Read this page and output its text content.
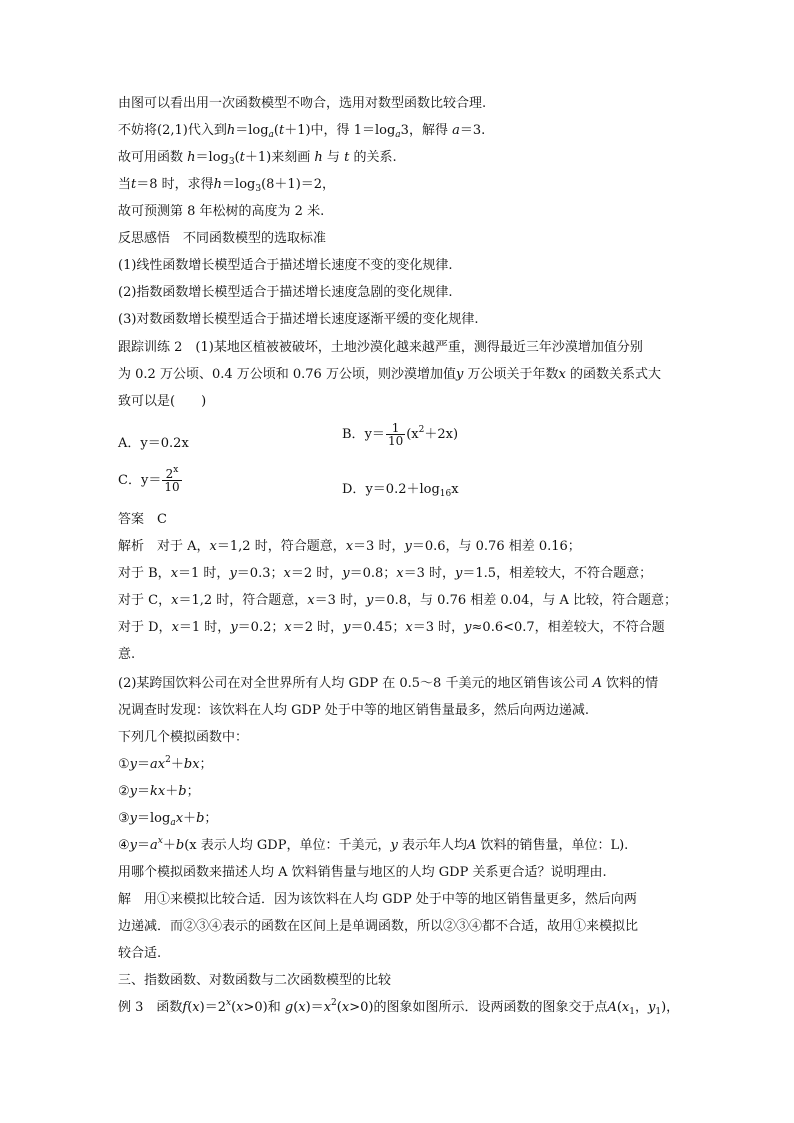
由图可以看出用一次函数模型不吻合，选用对数型函数比较合理.
不妨将(2,1)代入到$h=\log_a(t+1)$中，得 $1=\log_a3$，解得 a＝3.
故可用函数 $h=\log_3(t+1)$来刻画 h 与 t 的关系.
当t＝8 时，求得$h=\log_3(8+1)=2$，
故可预测第 8 年松树的高度为 2 米.
反思感悟　不同函数模型的选取标准
(1)线性函数增长模型适合于描述增长速度不变的变化规律.
(2)指数函数增长模型适合于描述增长速度急剧的变化规律.
(3)对数函数增长模型适合于描述增长速度逐渐平缓的变化规律.
跟踪训练 2　(1)某地区植被被破坏，土地沙漠化越来越严重，测得最近三年沙漠增加值分别
为 0.2 万公顷、0.4 万公顷和 0.76 万公顷，则沙漠增加值y 万公顷关于年数x 的函数关系式大
致可以是(　　)
A．y＝0.2x
B．$y= \frac{1}{10} (x^2+2x)$
C．$y= \frac{2^x}{10}$	D．$y=0.2+\log_{16}x$
答案　C
解析　对于 A，x＝1,2 时，符合题意，x＝3 时，y＝0.6，与 0.76 相差 0.16；
对于 B，x＝1 时，y＝0.3；x＝2 时，y＝0.8；x＝3 时，y＝1.5，相差较大，不符合题意；
对于 C，x＝1,2 时，符合题意，x＝3 时，y＝0.8，与 0.76 相差 0.04，与 A 比较，符合题意；
对于 D，x＝1 时，y＝0.2；x＝2 时，y＝0.45；x＝3 时，y≈0.6<0.7，相差较大，不符合题
意.
(2)某跨国饮料公司在对全世界所有人均 GDP 在 0.5～8 千美元的地区销售该公司 A 饮料的情
况调查时发现：该饮料在人均 GDP 处于中等的地区销售量最多，然后向两边递减.
下列几个模拟函数中：
$①y=ax^2+bx$；
②y＝kx＋b；
$③y=\log_ax+b$；
$④y=a^x+b(x$ 表示人均 GDP，单位：千美元，y 表示年人均A 饮料的销售量，单位：L).
用哪个模拟函数来描述人均 A 饮料销售量与地区的人均 GDP 关系更合适？说明理由.
解　用①来模拟比较合适．因为该饮料在人均 GDP 处于中等的地区销售量更多，然后向两
边递减．而②③④表示的函数在区间上是单调函数，所以②③④都不合适，故用①来模拟比
较合适.
三、指数函数、对数函数与二次函数模型的比较
例 3　函数$f(x)=2^x(x>0)$和 $g(x)=x^2(x>0)$的图象如图所示．设两函数的图象交于点$A(x_1$，$y_1$)，
